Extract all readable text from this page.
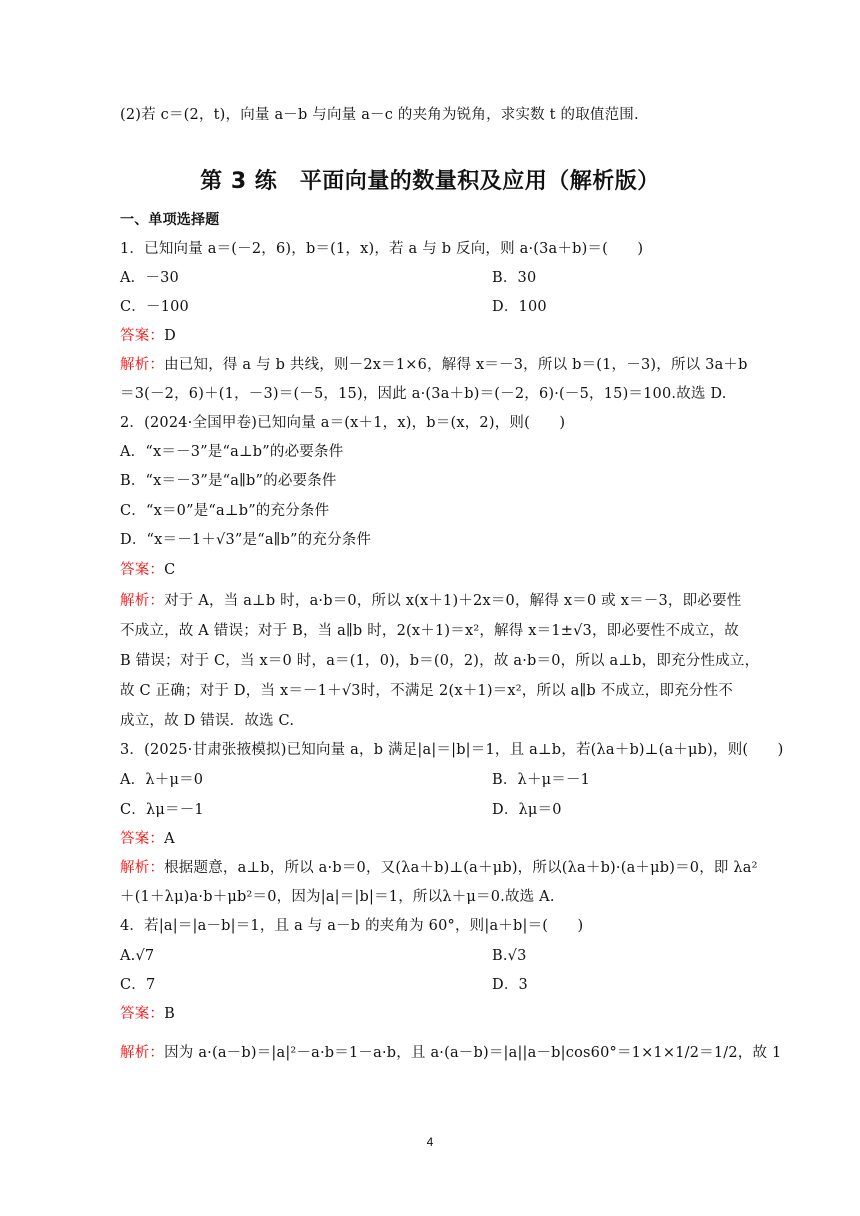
(2)若 c＝(2，t)，向量 a－b 与向量 a－c 的夹角为锐角，求实数 t 的取值范围.
第 3 练　平面向量的数量积及应用（解析版）
一、单项选择题
1．已知向量 a＝(－2，6)，b＝(1，x)，若 a 与 b 反向，则 a·(3a＋b)＝(　　)
A．－30	B．30
C．－100	D．100
答案：D
解析：由已知，得 a 与 b 共线，则－2x＝1×6，解得 x＝－3，所以 b＝(1，－3)，所以 3a＋b
＝3(－2，6)＋(1，－3)＝(－5，15)，因此 a·(3a＋b)＝(－2，6)·(－5，15)＝100.故选 D.
2．(2024·全国甲卷)已知向量 a＝(x＋1，x)，b＝(x，2)，则(　　)
A．“x＝－3”是“a⊥b”的必要条件
B．“x＝－3”是“a∥b”的必要条件
C．“x＝0”是“a⊥b”的充分条件
D．“x＝－1＋√3”是“a∥b”的充分条件
答案：C
解析：对于 A，当 a⊥b 时，a·b＝0，所以 x(x＋1)＋2x＝0，解得 x＝0 或 x＝－3，即必要性
不成立，故 A 错误；对于 B，当 a∥b 时，2(x＋1)＝x²，解得 x＝1±√3，即必要性不成立，故
B 错误；对于 C，当 x＝0 时，a＝(1，0)，b＝(0，2)，故 a·b＝0，所以 a⊥b，即充分性成立，
故 C 正确；对于 D，当 x＝－1＋√3时，不满足 2(x＋1)＝x²，所以 a∥b 不成立，即充分性不
成立，故 D 错误．故选 C.
3．(2025·甘肃张掖模拟)已知向量 a，b 满足|a|＝|b|＝1，且 a⊥b，若(λa＋b)⊥(a＋μb)，则(　　)
A．λ＋μ＝0	B．λ＋μ＝－1
C．λμ＝－1	D．λμ＝0
答案：A
解析：根据题意，a⊥b，所以 a·b＝0，又(λa＋b)⊥(a＋μb)，所以(λa＋b)·(a＋μb)＝0，即 λa²
＋(1＋λμ)a·b＋μb²＝0，因为|a|＝|b|＝1，所以λ＋μ＝0.故选 A.
4．若|a|＝|a－b|＝1，且 a 与 a－b 的夹角为 60°，则|a＋b|＝(　　)
A.√7	B.√3
C．7	D．3
答案：B
解析：因为 a·(a－b)＝|a|²－a·b＝1－a·b，且 a·(a－b)＝|a||a－b|cos60°＝1×1×1/2＝1/2，故 1
4
